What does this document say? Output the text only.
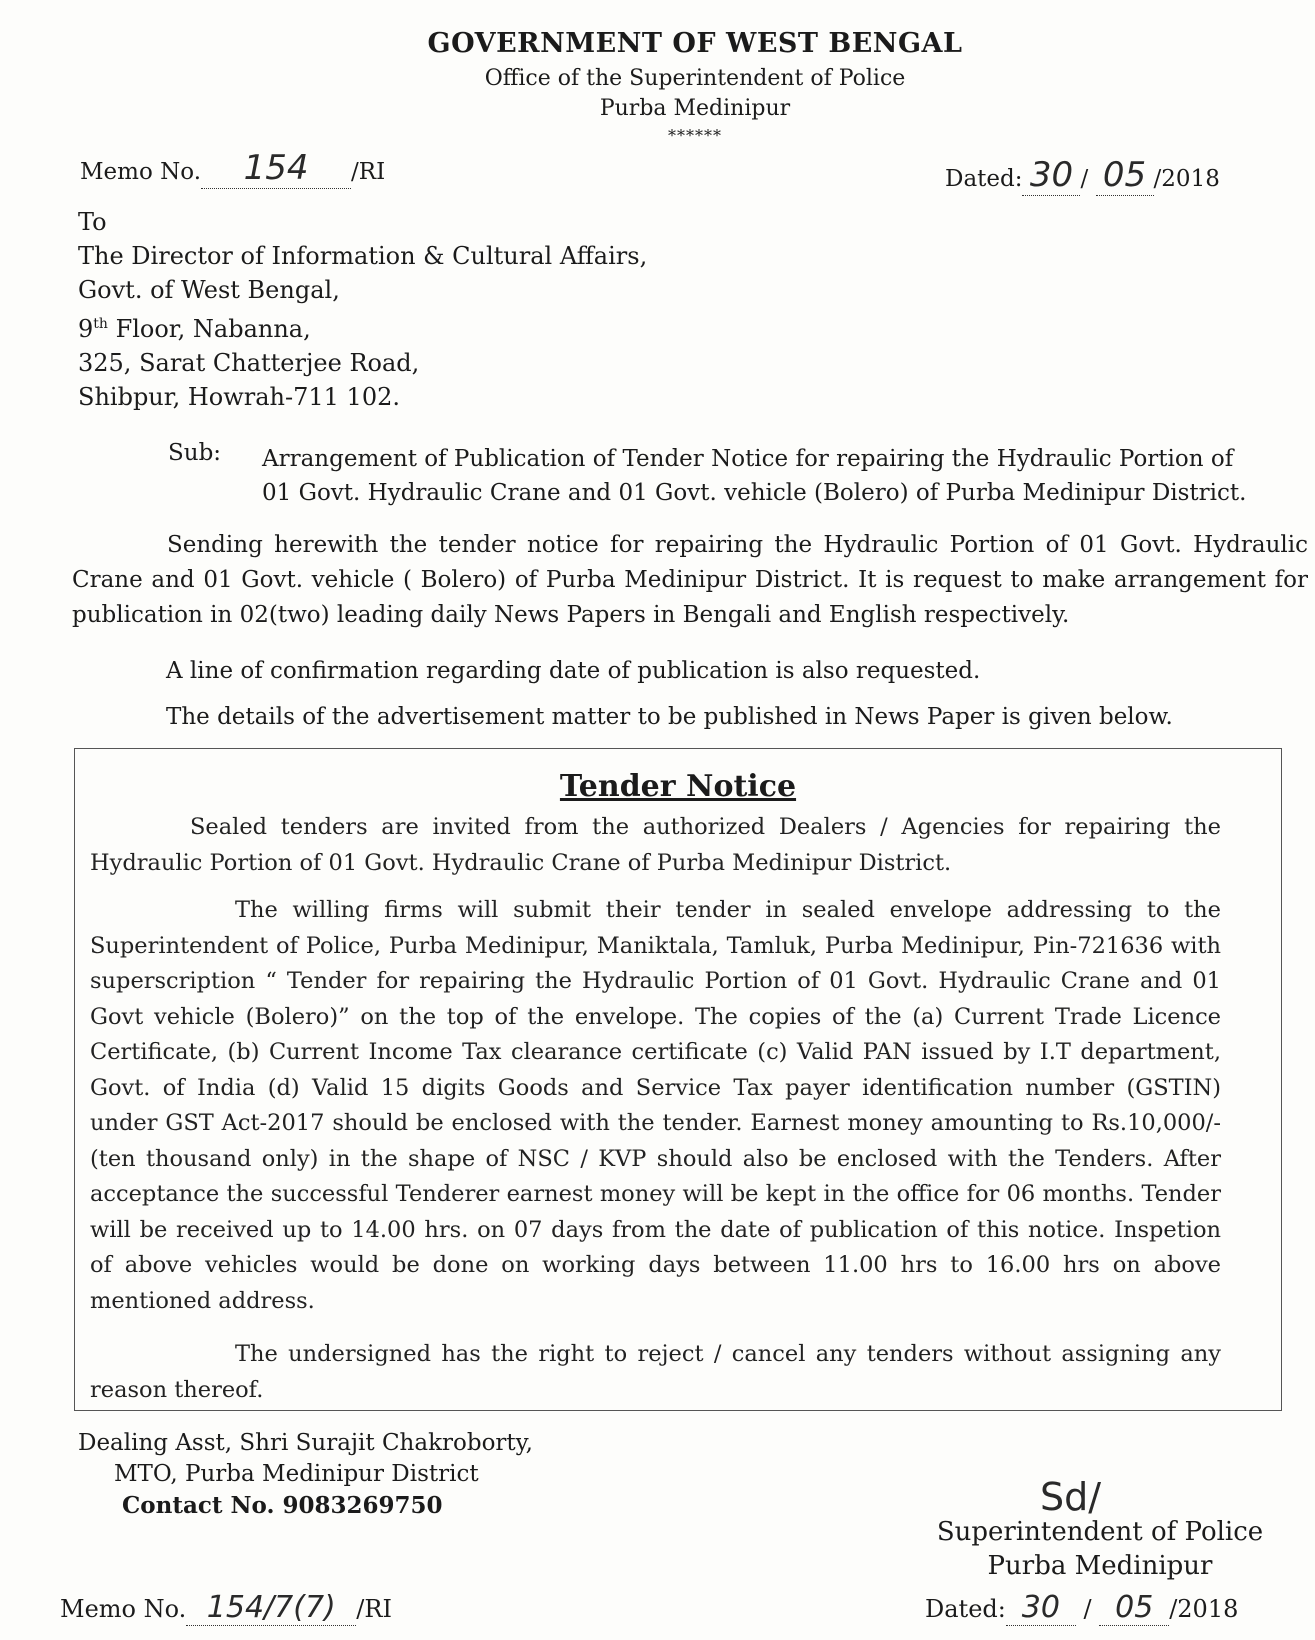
GOVERNMENT OF WEST BENGAL
Office of the Superintendent of Police
Purba Medinipur
******
Memo No. 154 /RI	Dated: 30 / 05 /2018
To
The Director of Information & Cultural Affairs,
Govt. of West Bengal,
9th Floor, Nabanna,
325, Sarat Chatterjee Road,
Shibpur, Howrah-711 102.
Sub: Arrangement of Publication of Tender Notice for repairing the Hydraulic Portion of
01 Govt. Hydraulic Crane and 01 Govt. vehicle (Bolero) of Purba Medinipur District.
Sending herewith the tender notice for repairing the Hydraulic Portion of 01 Govt. Hydraulic Crane and 01 Govt. vehicle ( Bolero) of Purba Medinipur District. It is request to make arrangement for publication in 02(two) leading daily News Papers in Bengali and English respectively.
A line of confirmation regarding date of publication is also requested.
The details of the advertisement matter to be published in News Paper is given below.
Tender Notice
Sealed tenders are invited from the authorized Dealers / Agencies for repairing the Hydraulic Portion of 01 Govt. Hydraulic Crane of Purba Medinipur District.
The willing firms will submit their tender in sealed envelope addressing to the Superintendent of Police, Purba Medinipur, Maniktala, Tamluk, Purba Medinipur, Pin-721636 with superscription “ Tender for repairing the Hydraulic Portion of 01 Govt. Hydraulic Crane and 01 Govt vehicle (Bolero)” on the top of the envelope. The copies of the (a) Current Trade Licence Certificate, (b) Current Income Tax clearance certificate (c) Valid PAN issued by I.T department, Govt. of India (d) Valid 15 digits Goods and Service Tax payer identification number (GSTIN) under GST Act-2017 should be enclosed with the tender. Earnest money amounting to Rs.10,000/- (ten thousand only) in the shape of NSC / KVP should also be enclosed with the Tenders. After acceptance the successful Tenderer earnest money will be kept in the office for 06 months. Tender will be received up to 14.00 hrs. on 07 days from the date of publication of this notice. Inspetion of above vehicles would be done on working days between 11.00 hrs to 16.00 hrs on above mentioned address.
The undersigned has the right to reject / cancel any tenders without assigning any reason thereof.
Dealing Asst, Shri Surajit Chakroborty,
MTO, Purba Medinipur District
Contact No. 9083269750	Sd/
Superintendent of Police
Purba Medinipur
Dated: 30 / 05 /2018
Memo No. 154/7(7) /RI
